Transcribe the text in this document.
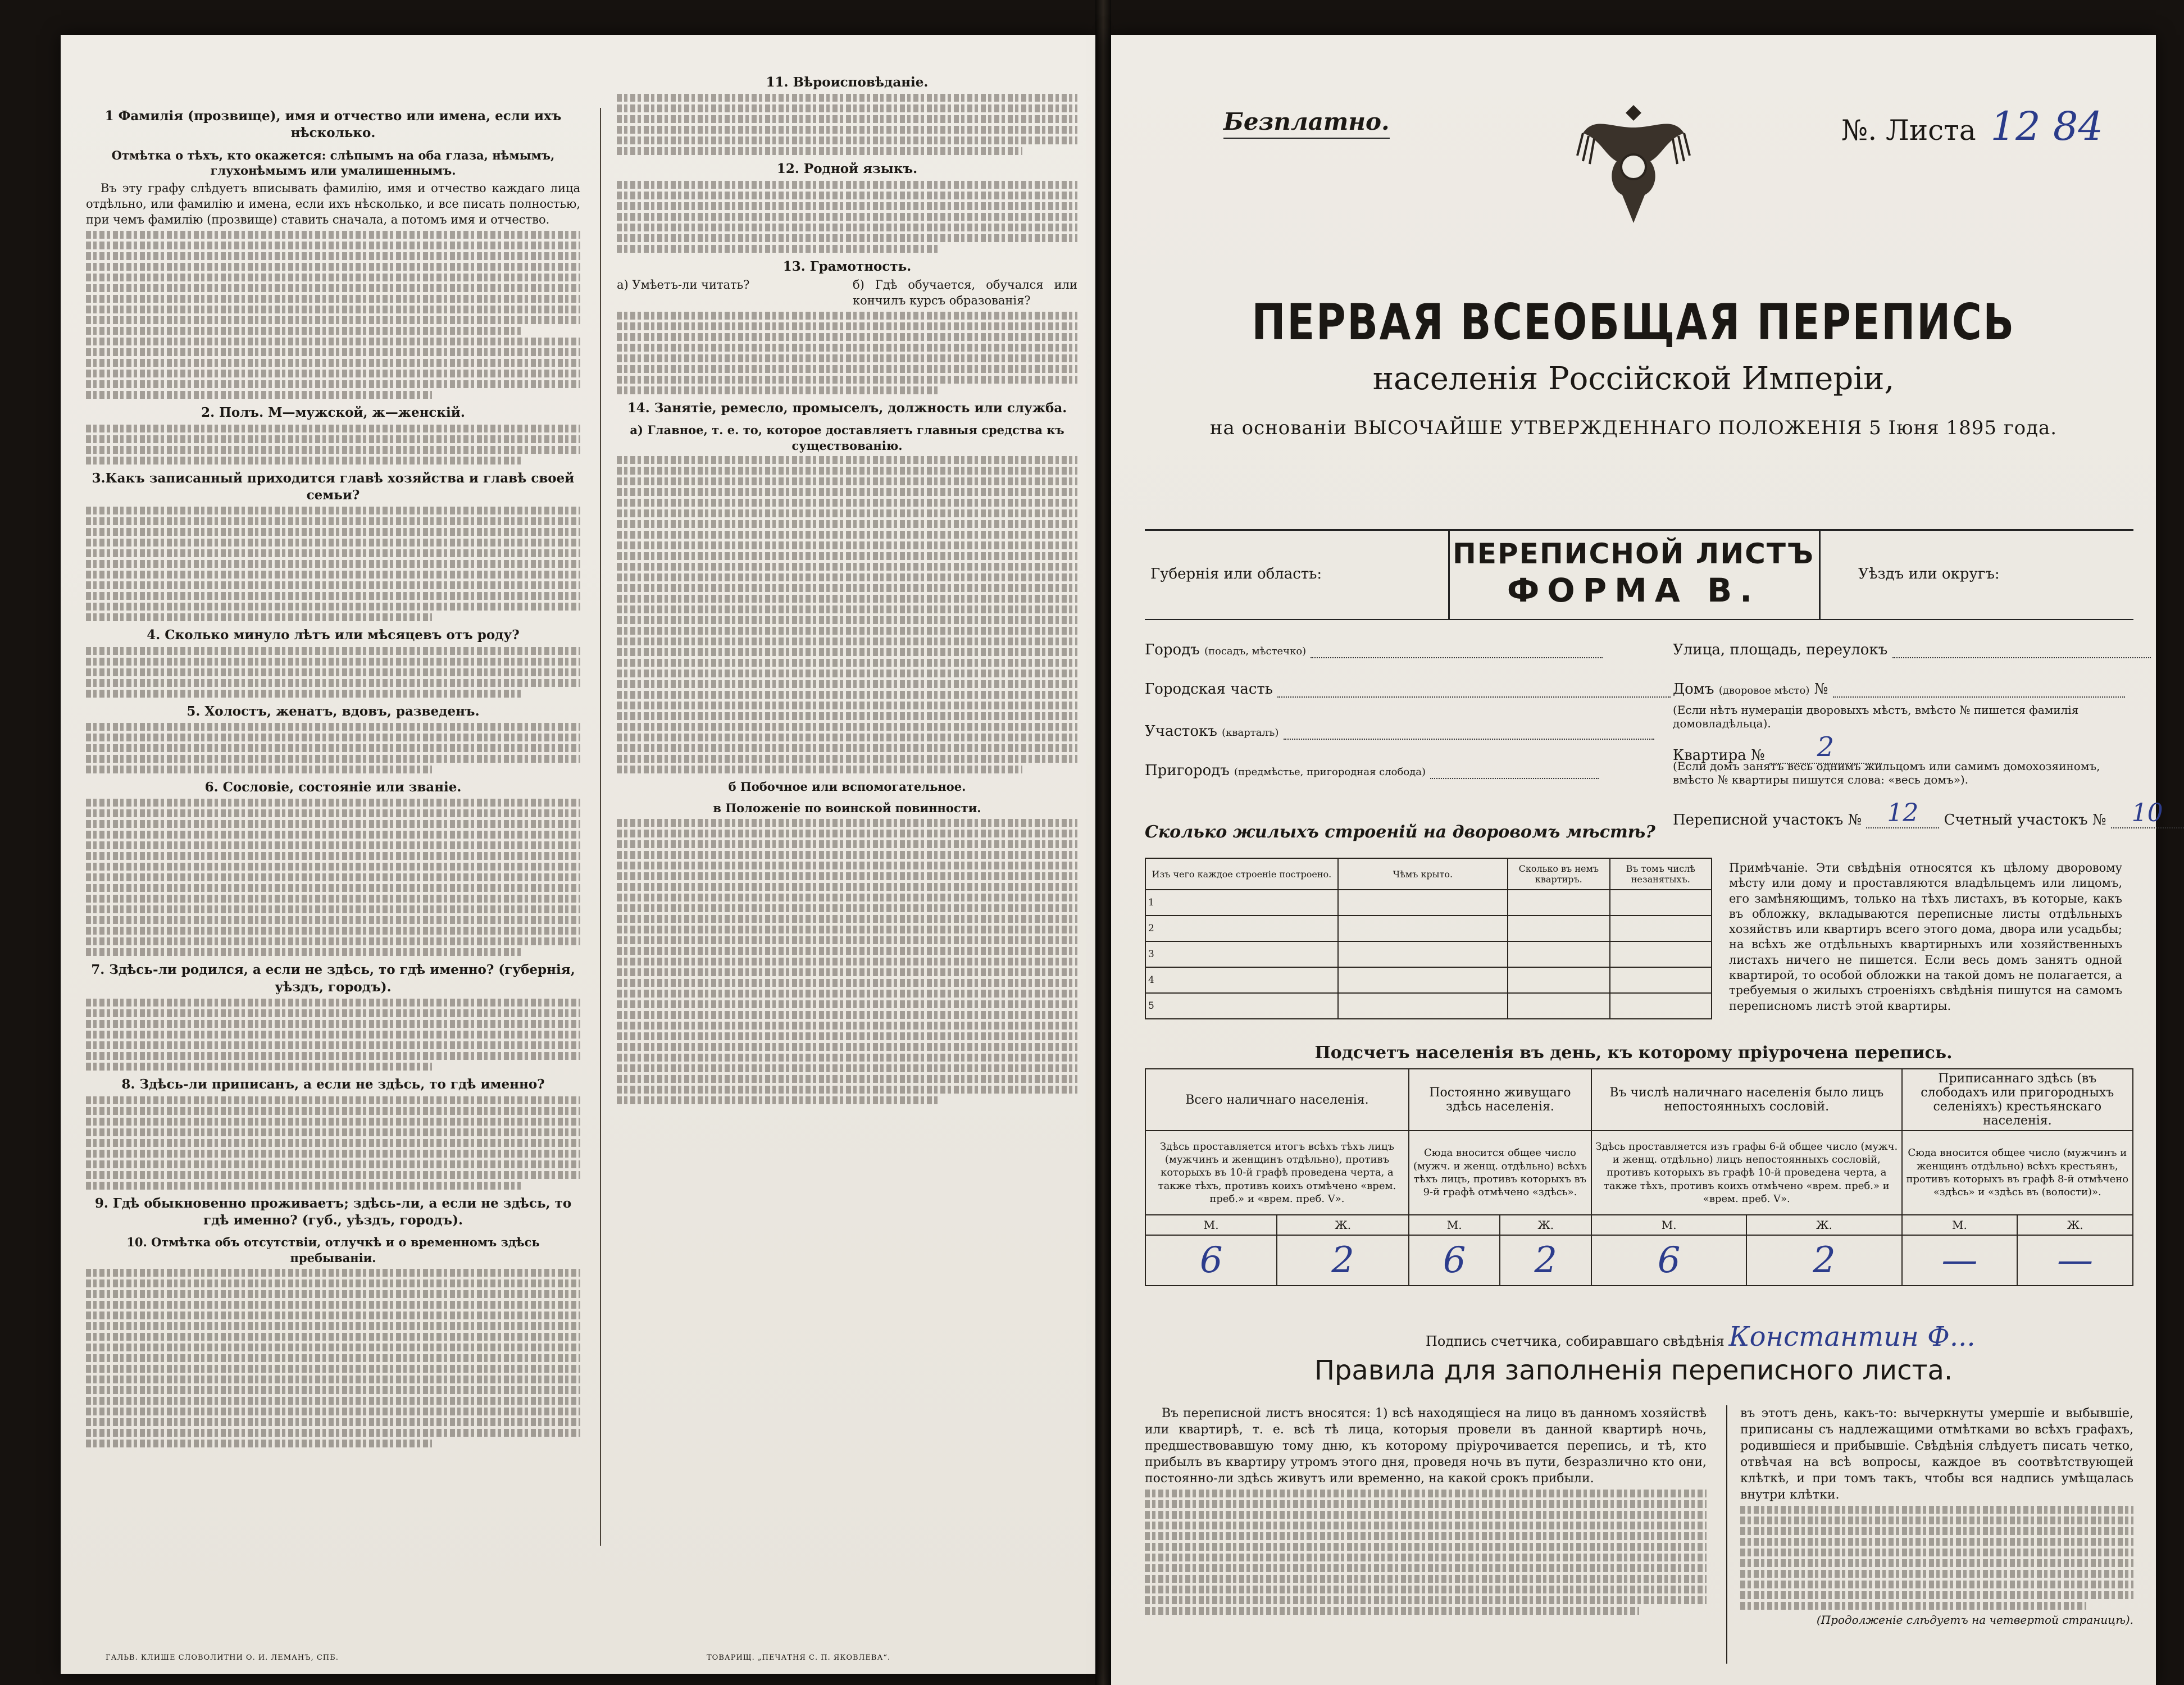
1 Фамилія (прозвище), имя и отчество или имена, если ихъ нѣсколько.
Отмѣтка о тѣхъ, кто окажется: слѣпымъ на оба глаза, нѣмымъ, глухонѣмымъ или умалишеннымъ.

Въ эту графу слѣдуетъ вписывать фамилію, имя и отчество каждаго лица отдѣльно, или фамилію и имена, если ихъ нѣсколько, и все писать полностью, при чемъ фамилію (прозвище) ставить сначала, а потомъ имя и отчество.

2. Полъ. М—мужской, ж—женскій.
3.Какъ записанный приходится главѣ хозяйства и главѣ своей семьи?
4. Сколько минуло лѣтъ или мѣсяцевъ отъ роду?
5. Холостъ, женатъ, вдовъ, разведенъ.
6. Сословіе, состояніе или званіе.
7. Здѣсь-ли родился, а если не здѣсь, то гдѣ именно? (губернія, уѣздъ, городъ).
8. Здѣсь-ли приписанъ, а если не здѣсь, то гдѣ именно?
9. Гдѣ обыкновенно проживаетъ; здѣсь-ли, а если не здѣсь, то гдѣ именно? (губ., уѣздъ, городъ).
10. Отмѣтка объ отсутствіи, отлучкѣ и о временномъ здѣсь пребываніи.
11. Вѣроисповѣданіе.
12. Родной языкъ.
13. Грамотность.
а) Умѣетъ-ли читать?	б) Гдѣ обучается, обучался или кончилъ курсъ образованія?
14. Занятіе, ремесло, промыселъ, должность или служба.
а) Главное, т. е. то, которое доставляетъ главныя средства къ существованію.
б Побочное или вспомогательное.
в Положеніе по воинской повинности.
ГАЛЬВ. КЛИШЕ СЛОВОЛИТНИ О. И. ЛЕМАНЪ, СПБ.	ТОВАРИЩ. „ПЕЧАТНЯ С. П. ЯКОВЛЕВА“.
Безплатно.	№. Листа 12 84
ПЕРВАЯ ВСЕОБЩАЯ ПЕРЕПИСЬ
населенія Россійской Имперіи,
на основаніи ВЫСОЧАЙШЕ УТВЕРЖДЕННАГО ПОЛОЖЕНІЯ 5 Іюня 1895 года.
Губернія или область:
ПЕРЕПИСНОЙ ЛИСТЪ
ФОРМА В.	Уѣздъ или округъ:
Городъ (посадъ, мѣстечко)	Улица, площадь, переулокъ
Городская часть	Домъ (дворовое мѣсто) №
(Если нѣтъ нумераціи дворовыхъ мѣстъ, вмѣсто № пишется фамилія домовладѣльца).
Участокъ (кварталъ)
Квартира № 2
(Если домъ занятъ весь однимъ жильцомъ или самимъ домохозяиномъ, вмѣсто № квартиры пишутся слова: «весь домъ»).
Пригородъ (предмѣстье, пригородная слобода)
Переписной участокъ № 12 Счетный участокъ № 10
Сколько жилыхъ строеній на дворовомъ мѣстѣ?
Изъ чего каждое строеніе построено.	Чѣмъ крыто.	Сколько въ немъ квартиръ.	Въ томъ числѣ незанятыхъ.
1			
2			
3			
4			
5			
Примѣчаніе. Эти свѣдѣнія относятся къ цѣлому дворовому мѣсту или дому и проставляются владѣльцемъ или лицомъ, его замѣняющимъ, только на тѣхъ листахъ, въ которые, какъ въ обложку, вкладываются переписные листы отдѣльныхъ хозяйствъ или квартиръ всего этого дома, двора или усадьбы; на всѣхъ же отдѣльныхъ квартирныхъ или хозяйственныхъ листахъ ничего не пишется. Если весь домъ занятъ одной квартирой, то особой обложки на такой домъ не полагается, а требуемыя о жилыхъ строеніяхъ свѣдѣнія пишутся на самомъ переписномъ листѣ этой квартиры.
Подсчетъ населенія въ день, къ которому пріурочена перепись.
Всего наличнаго населенія.		Постоянно живущаго здѣсь населенія.		Въ числѣ наличнаго населенія было лицъ непостоянныхъ сословій.		Приписаннаго здѣсь (въ слободахъ или пригородныхъ селеніяхъ) крестьянскаго населенія.	
Здѣсь проставляется итогъ всѣхъ тѣхъ лицъ (мужчинъ и женщинъ отдѣльно), противъ которыхъ въ 10-й графѣ проведена черта, а также тѣхъ, противъ коихъ отмѣчено «врем. преб.» и «врем. преб. V».		Сюда вносится общее число (мужч. и женщ. отдѣльно) всѣхъ тѣхъ лицъ, противъ которыхъ въ 9-й графѣ отмѣчено «здѣсь».		Здѣсь проставляется изъ графы 6-й общее число (мужч. и женщ. отдѣльно) лицъ непостоянныхъ сословій, противъ которыхъ въ графѣ 10-й проведена черта, а также тѣхъ, противъ коихъ отмѣчено «врем. преб.» и «врем. преб. V».		Сюда вносится общее число (мужчинъ и женщинъ отдѣльно) всѣхъ крестьянъ, противъ которыхъ въ графѣ 8-й отмѣчено «здѣсь» и «здѣсь въ (волости)».	
М.	Ж.	М.	Ж.	М.	Ж.	М.	Ж.
6	2	6	2	6	2	—	—
Подпись счетчика, собиравшаго свѣдѣнія Константин Ф...
Правила для заполненія переписного листа.

Въ переписной листъ вносятся: 1) всѣ находящіеся на лицо въ данномъ хозяйствѣ или квартирѣ, т. е. всѣ тѣ лица, которыя провели въ данной квартирѣ ночь, предшествовавшую тому дню, къ которому пріурочивается перепись, и тѣ, кто прибылъ въ квартиру утромъ этого дня, проведя ночь въ пути, безразлично кто они, постоянно-ли здѣсь живутъ или временно, на какой срокъ прибыли.

въ этотъ день, какъ-то: вычеркнуты умершіе и выбывшіе, приписаны съ надлежащими отмѣтками во всѣхъ графахъ, родившіеся и прибывшіе. Свѣдѣнія слѣдуетъ писать четко, отвѣчая на всѣ вопросы, каждое въ соотвѣтствующей клѣткѣ, и при томъ такъ, чтобы вся надпись умѣщалась внутри клѣтки.

(Продолженіе слѣдуетъ на четвертой страницѣ).
